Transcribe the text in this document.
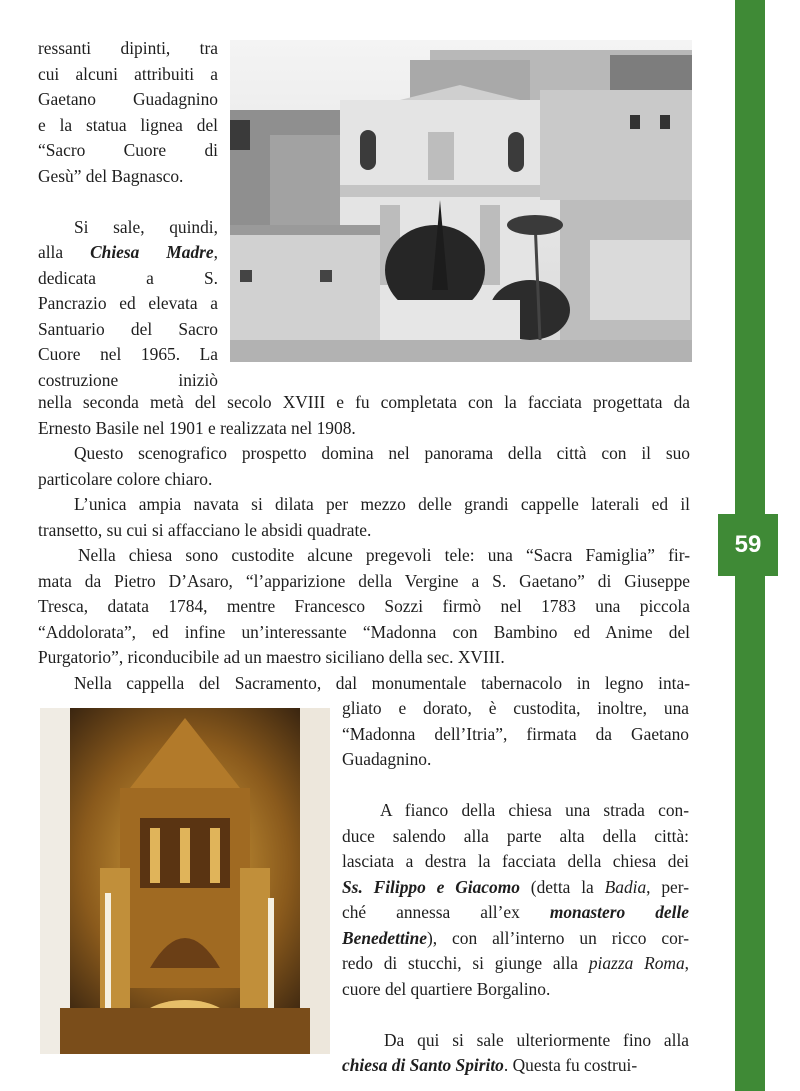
59
ressanti dipinti, tra
cui alcuni attribuiti a
Gaetano Guadagnino
e la statua lignea del
“Sacro Cuore di
Gesù” del Bagnasco.
Si sale, quindi,
alla Chiesa Madre,
dedicata a S.
Pancrazio ed elevata a
Santuario del Sacro
Cuore nel 1965. La
costruzione iniziò
nella seconda metà del secolo XVIII e fu completata con la facciata progettata da
Ernesto Basile nel 1901 e realizzata nel 1908.
Questo scenografico prospetto domina nel panorama della città con il suo
particolare colore chiaro.
L’unica ampia navata si dilata per mezzo delle grandi cappelle laterali ed il
transetto, su cui si affacciano le absidi quadrate.
Nella chiesa sono custodite alcune pregevoli tele: una “Sacra Famiglia” fir-
mata da Pietro D’Asaro, “l’apparizione della Vergine a S. Gaetano” di Giuseppe
Tresca, datata 1784, mentre Francesco Sozzi firmò nel 1783 una piccola
“Addolorata”, ed infine un’interessante “Madonna con Bambino ed Anime del
Purgatorio”, riconducibile ad un maestro siciliano della sec. XVIII.
Nella cappella del Sacramento, dal monumentale tabernacolo in legno inta-
gliato e dorato, è custodita, inoltre, una
“Madonna dell’Itria”, firmata da Gaetano
Guadagnino.
A fianco della chiesa una strada con-
duce salendo alla parte alta della città:
lasciata a destra la facciata della chiesa dei
Ss. Filippo e Giacomo (detta la Badia, per-
ché annessa all’ex monastero delle
Benedettine), con all’interno un ricco cor-
redo di stucchi, si giunge alla piazza Roma,
cuore del quartiere Borgalino.
Da qui si sale ulteriormente fino alla
chiesa di Santo Spirito. Questa fu costrui-
